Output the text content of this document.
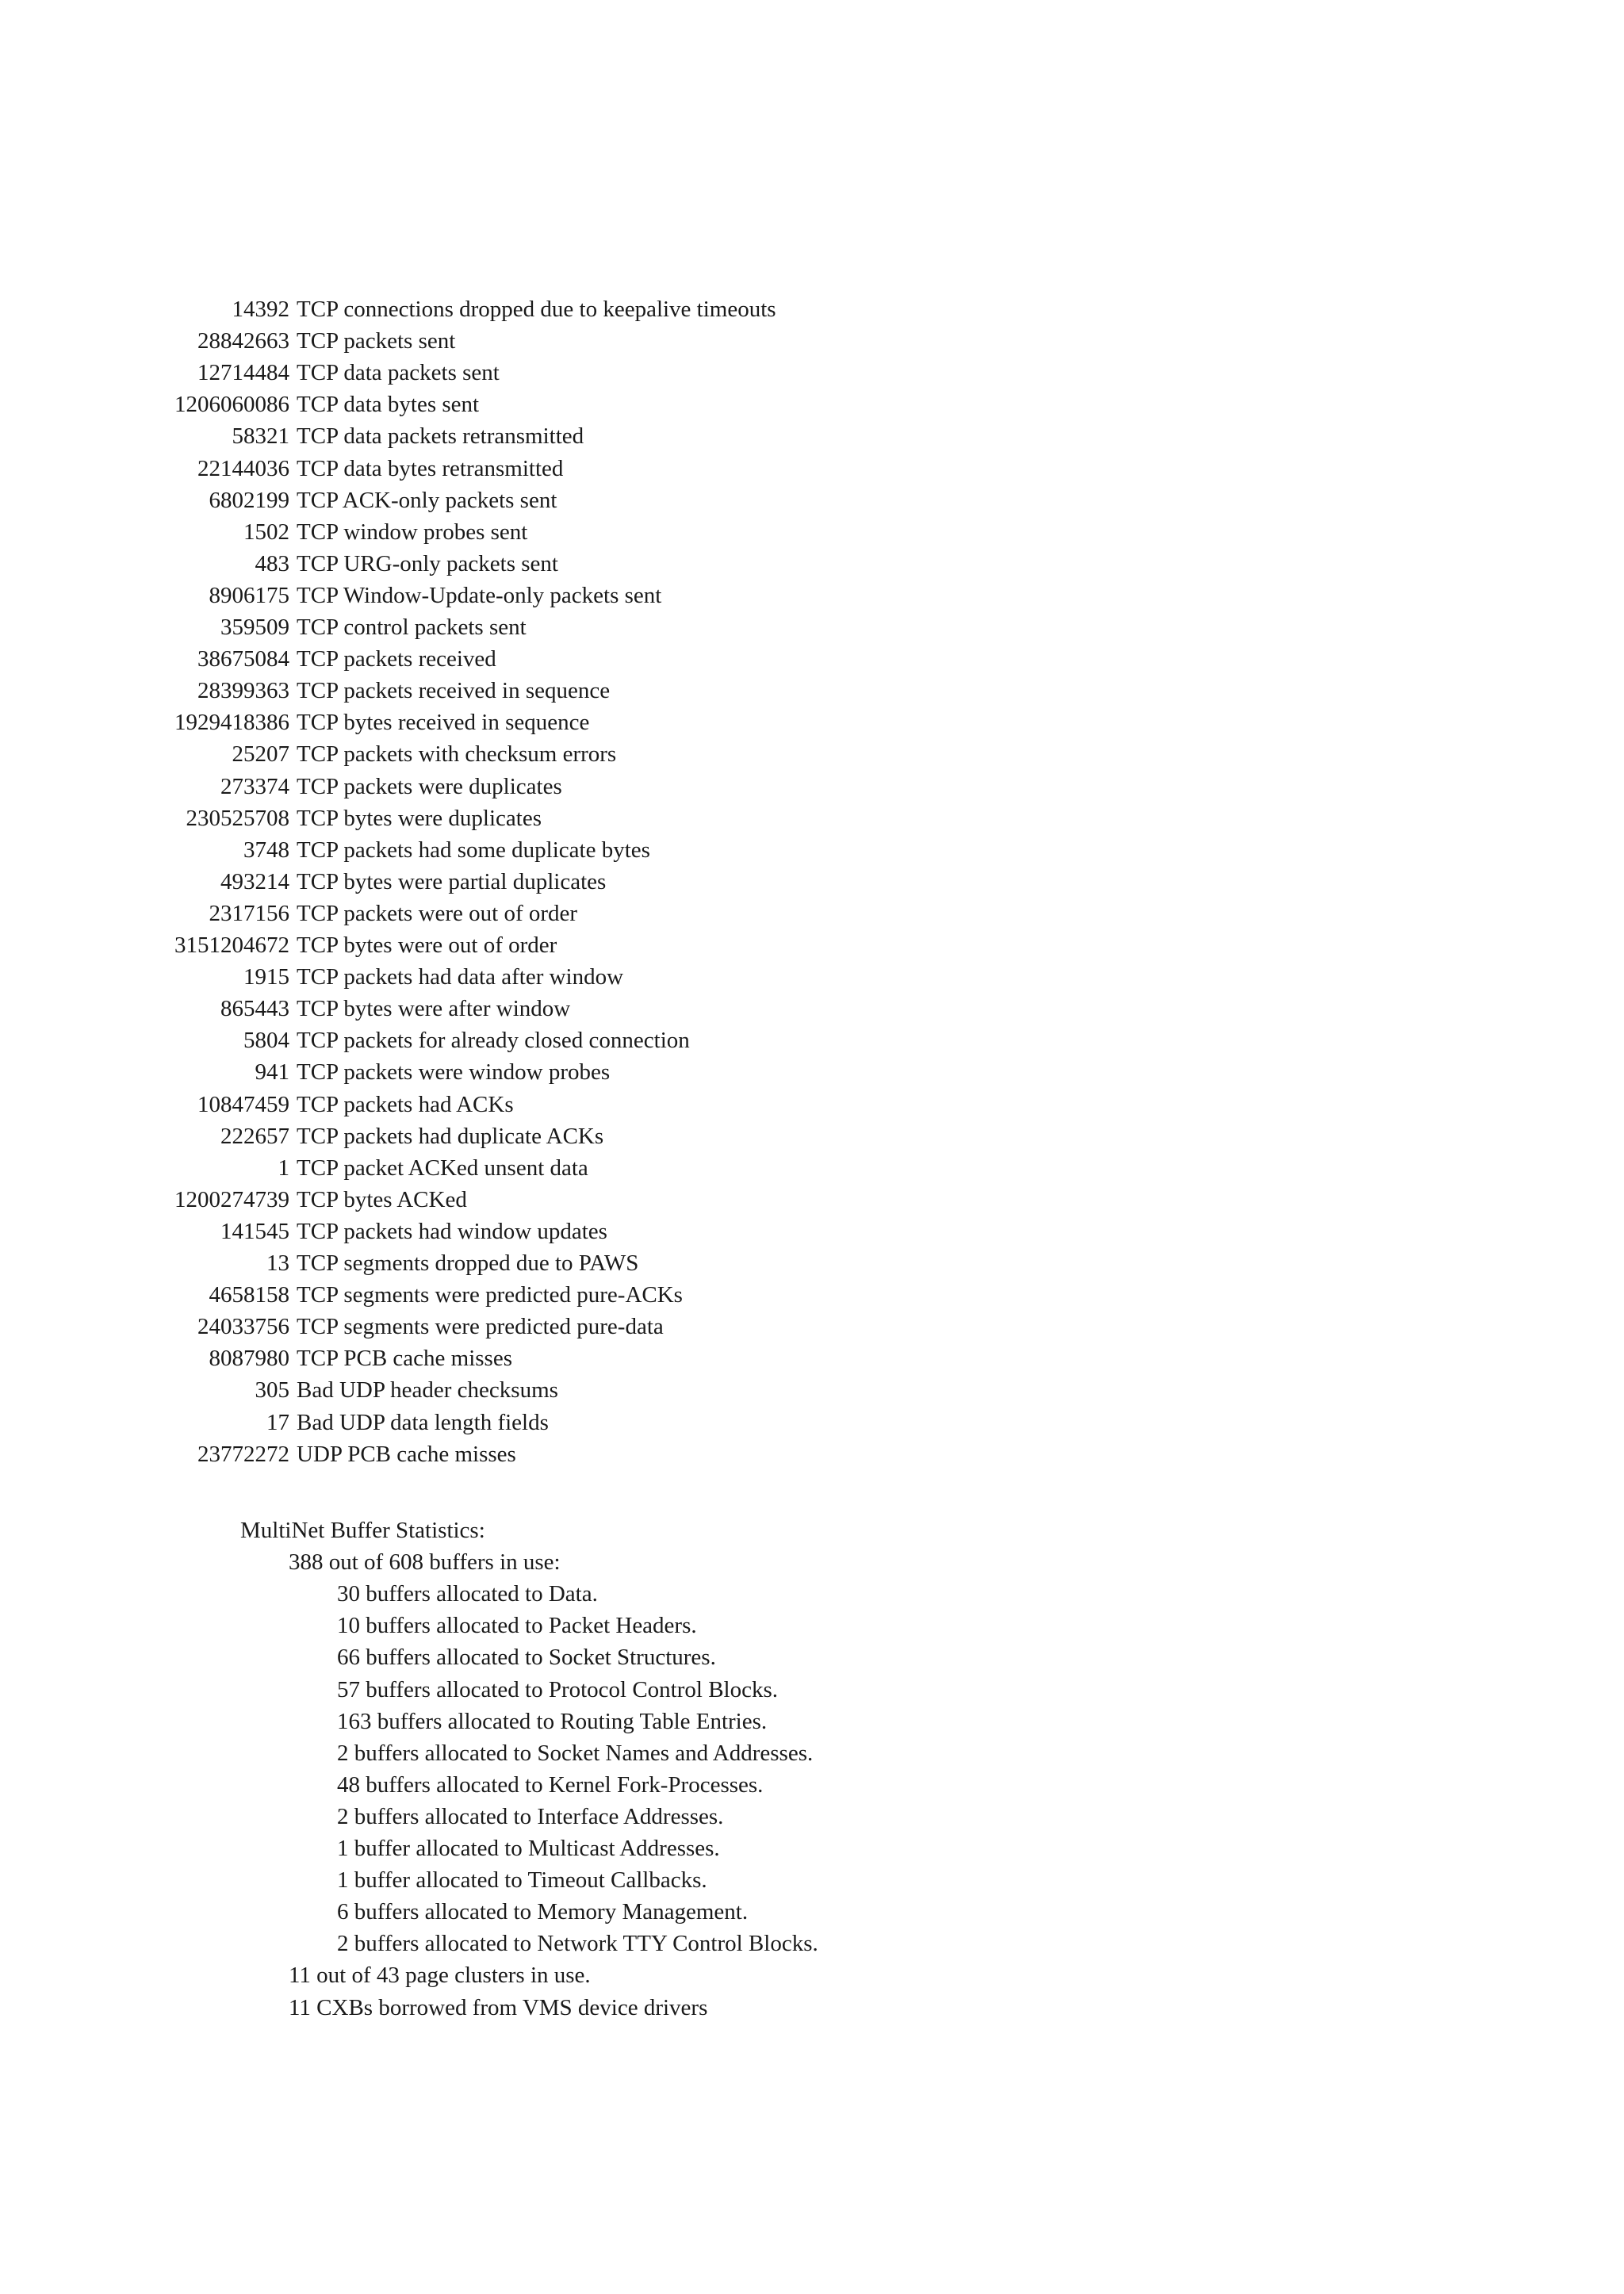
14392 TCP connections dropped due to keepalive timeouts
28842663 TCP packets sent
12714484 TCP data packets sent
1206060086 TCP data bytes sent
58321 TCP data packets retransmitted
22144036 TCP data bytes retransmitted
6802199 TCP ACK-only packets sent
1502 TCP window probes sent
483 TCP URG-only packets sent
8906175 TCP Window-Update-only packets sent
359509 TCP control packets sent
38675084 TCP packets received
28399363 TCP packets received in sequence
1929418386 TCP bytes received in sequence
25207 TCP packets with checksum errors
273374 TCP packets were duplicates
230525708 TCP bytes were duplicates
3748 TCP packets had some duplicate bytes
493214 TCP bytes were partial duplicates
2317156 TCP packets were out of order
3151204672 TCP bytes were out of order
1915 TCP packets had data after window
865443 TCP bytes were after window
5804 TCP packets for already closed connection
941 TCP packets were window probes
10847459 TCP packets had ACKs
222657 TCP packets had duplicate ACKs
1 TCP packet ACKed unsent data
1200274739 TCP bytes ACKed
141545 TCP packets had window updates
13 TCP segments dropped due to PAWS
4658158 TCP segments were predicted pure-ACKs
24033756 TCP segments were predicted pure-data
8087980 TCP PCB cache misses
305 Bad UDP header checksums
17 Bad UDP data length fields
23772272 UDP PCB cache misses
MultiNet Buffer Statistics:
388 out of 608 buffers in use:
30 buffers allocated to Data.
10 buffers allocated to Packet Headers.
66 buffers allocated to Socket Structures.
57 buffers allocated to Protocol Control Blocks.
163 buffers allocated to Routing Table Entries.
2 buffers allocated to Socket Names and Addresses.
48 buffers allocated to Kernel Fork-Processes.
2 buffers allocated to Interface Addresses.
1 buffer allocated to Multicast Addresses.
1 buffer allocated to Timeout Callbacks.
6 buffers allocated to Memory Management.
2 buffers allocated to Network TTY Control Blocks.
11 out of 43 page clusters in use.
11 CXBs borrowed from VMS device drivers
